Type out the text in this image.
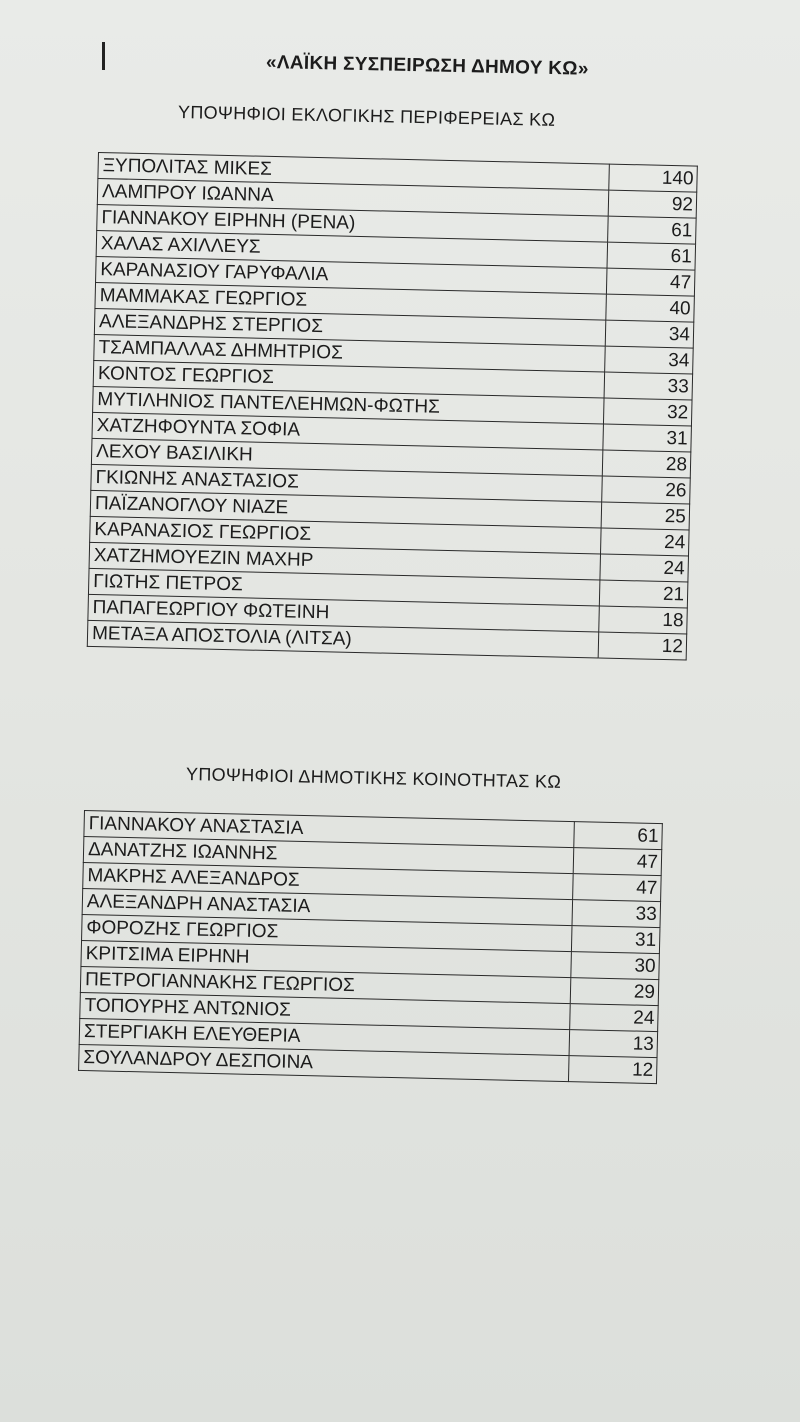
«ΛΑΪΚΗ ΣΥΣΠΕΙΡΩΣΗ ΔΗΜΟΥ ΚΩ»
ΥΠΟΨΗΦΙΟΙ ΕΚΛΟΓΙΚΗΣ ΠΕΡΙΦΕΡΕΙΑΣ ΚΩ
ΞΥΠΟΛΙΤΑΣ ΜΙΚΕΣ	140
ΛΑΜΠΡΟΥ ΙΩΑΝΝΑ	92
ΓΙΑΝΝΑΚΟΥ ΕΙΡΗΝΗ (ΡΕΝΑ)	61
ΧΑΛΑΣ ΑΧΙΛΛΕΥΣ	61
ΚΑΡΑΝΑΣΙΟΥ ΓΑΡΥΦΑΛΙΑ	47
ΜΑΜΜΑΚΑΣ ΓΕΩΡΓΙΟΣ	40
ΑΛΕΞΑΝΔΡΗΣ ΣΤΕΡΓΙΟΣ	34
ΤΣΑΜΠΑΛΛΑΣ ΔΗΜΗΤΡΙΟΣ	34
ΚΟΝΤΟΣ ΓΕΩΡΓΙΟΣ	33
ΜΥΤΙΛΗΝΙΟΣ ΠΑΝΤΕΛΕΗΜΩΝ-ΦΩΤΗΣ	32
ΧΑΤΖΗΦΟΥΝΤΑ ΣΟΦΙΑ	31
ΛΕΧΟΥ ΒΑΣΙΛΙΚΗ	28
ΓΚΙΩΝΗΣ ΑΝΑΣΤΑΣΙΟΣ	26
ΠΑΪΖΑΝΟΓΛΟΥ ΝΙΑΖΕ	25
ΚΑΡΑΝΑΣΙΟΣ ΓΕΩΡΓΙΟΣ	24
ΧΑΤΖΗΜΟΥΕΖΙΝ ΜΑΧΗΡ	24
ΓΙΩΤΗΣ ΠΕΤΡΟΣ	21
ΠΑΠΑΓΕΩΡΓΙΟΥ ΦΩΤΕΙΝΗ	18
ΜΕΤΑΞΑ ΑΠΟΣΤΟΛΙΑ (ΛΙΤΣΑ)	12
ΥΠΟΨΗΦΙΟΙ ΔΗΜΟΤΙΚΗΣ ΚΟΙΝΟΤΗΤΑΣ ΚΩ
ΓΙΑΝΝΑΚΟΥ ΑΝΑΣΤΑΣΙΑ	61
ΔΑΝΑΤΖΗΣ ΙΩΑΝΝΗΣ	47
ΜΑΚΡΗΣ ΑΛΕΞΑΝΔΡΟΣ	47
ΑΛΕΞΑΝΔΡΗ ΑΝΑΣΤΑΣΙΑ	33
ΦΟΡΟΖΗΣ ΓΕΩΡΓΙΟΣ	31
ΚΡΙΤΣΙΜΑ ΕΙΡΗΝΗ	30
ΠΕΤΡΟΓΙΑΝΝΑΚΗΣ ΓΕΩΡΓΙΟΣ	29
ΤΟΠΟΥΡΗΣ ΑΝΤΩΝΙΟΣ	24
ΣΤΕΡΓΙΑΚΗ ΕΛΕΥΘΕΡΙΑ	13
ΣΟΥΛΑΝΔΡΟΥ ΔΕΣΠΟΙΝΑ	12
